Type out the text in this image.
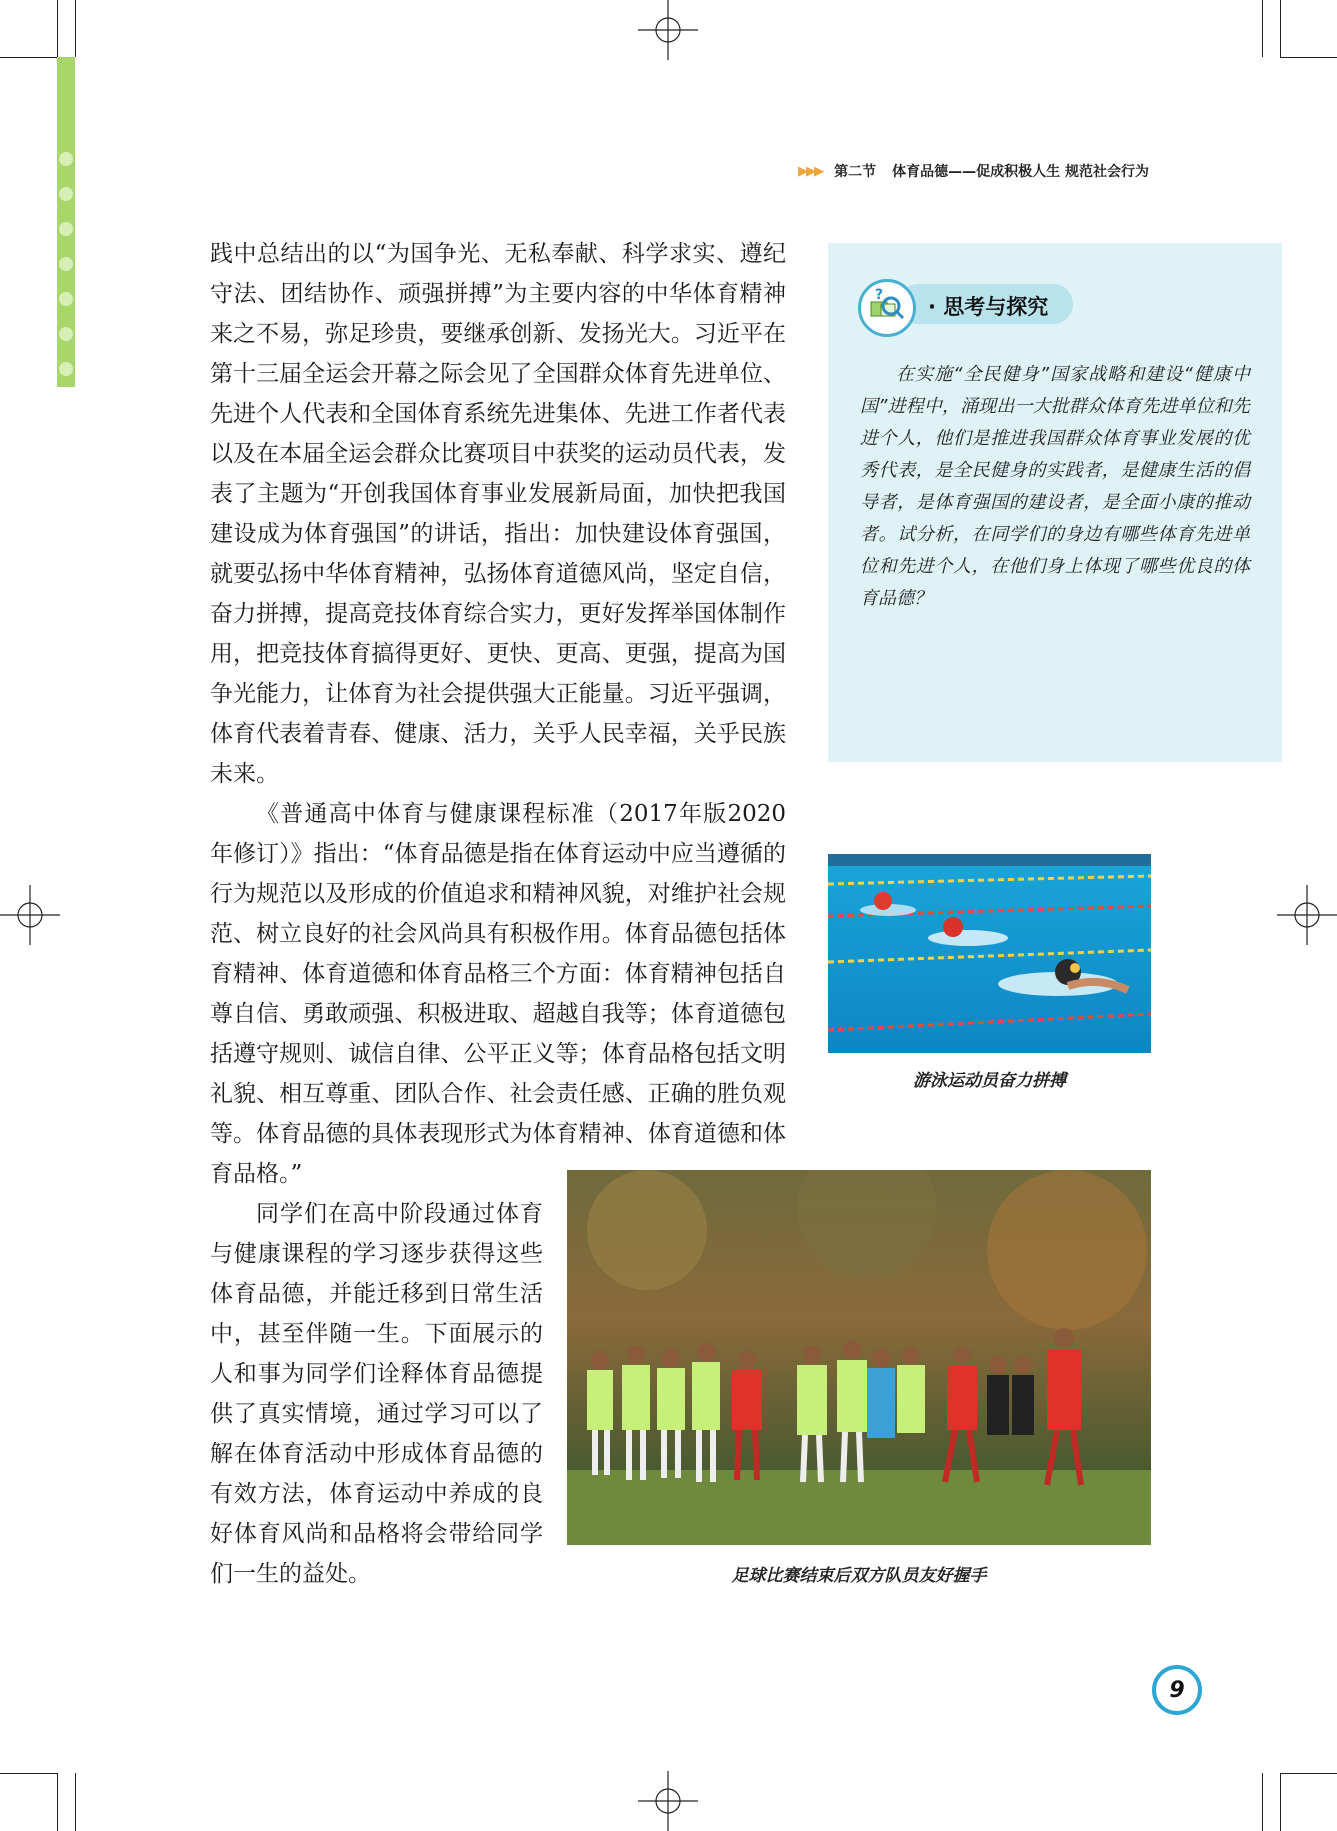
▶▶▶ 第二节 体育品德——促成积极人生 规范社会行为

践中总结出的以“为国争光、无私奉献、科学求实、遵纪守法、团结协作、顽强拼搏”为主要内容的中华体育精神来之不易，弥足珍贵，要继承创新、发扬光大。习近平在第十三届全运会开幕之际会见了全国群众体育先进单位、先进个人代表和全国体育系统先进集体、先进工作者代表以及在本届全运会群众比赛项目中获奖的运动员代表，发表了主题为“开创我国体育事业发展新局面，加快把我国建设成为体育强国”的讲话，指出：加快建设体育强国，就要弘扬中华体育精神，弘扬体育道德风尚，坚定自信，奋力拼搏，提高竞技体育综合实力，更好发挥举国体制作用，把竞技体育搞得更好、更快、更高、更强，提高为国争光能力，让体育为社会提供强大正能量。习近平强调，体育代表着青春、健康、活力，关乎人民幸福，关乎民族未来。

《普通高中体育与健康课程标准（2017年版2020年修订）》指出：“体育品德是指在体育运动中应当遵循的行为规范以及形成的价值追求和精神风貌，对维护社会规范、树立良好的社会风尚具有积极作用。体育品德包括体育精神、体育道德和体育品格三个方面：体育精神包括自尊自信、勇敢顽强、积极进取、超越自我等；体育道德包括遵守规则、诚信自律、公平正义等；体育品格包括文明礼貌、相互尊重、团队合作、社会责任感、正确的胜负观等。体育品德的具体表现形式为体育精神、体育道德和体育品格。”

同学们在高中阶段通过体育与健康课程的学习逐步获得这些体育品德，并能迁移到日常生活中，甚至伴随一生。下面展示的人和事为同学们诠释体育品德提供了真实情境，通过学习可以了解在体育活动中形成体育品德的有效方法，体育运动中养成的良好体育风尚和品格将会带给同学们一生的益处。

? · 思考与探究
在实施“全民健身”国家战略和建设“健康中国”进程中，涌现出一大批群众体育先进单位和先进个人，他们是推进我国群众体育事业发展的优秀代表，是全民健身的实践者，是健康生活的倡导者，是体育强国的建设者，是全面小康的推动者。试分析，在同学们的身边有哪些体育先进单位和先进个人，在他们身上体现了哪些优良的体育品德？
游泳运动员奋力拼搏
足球比赛结束后双方队员友好握手
9
